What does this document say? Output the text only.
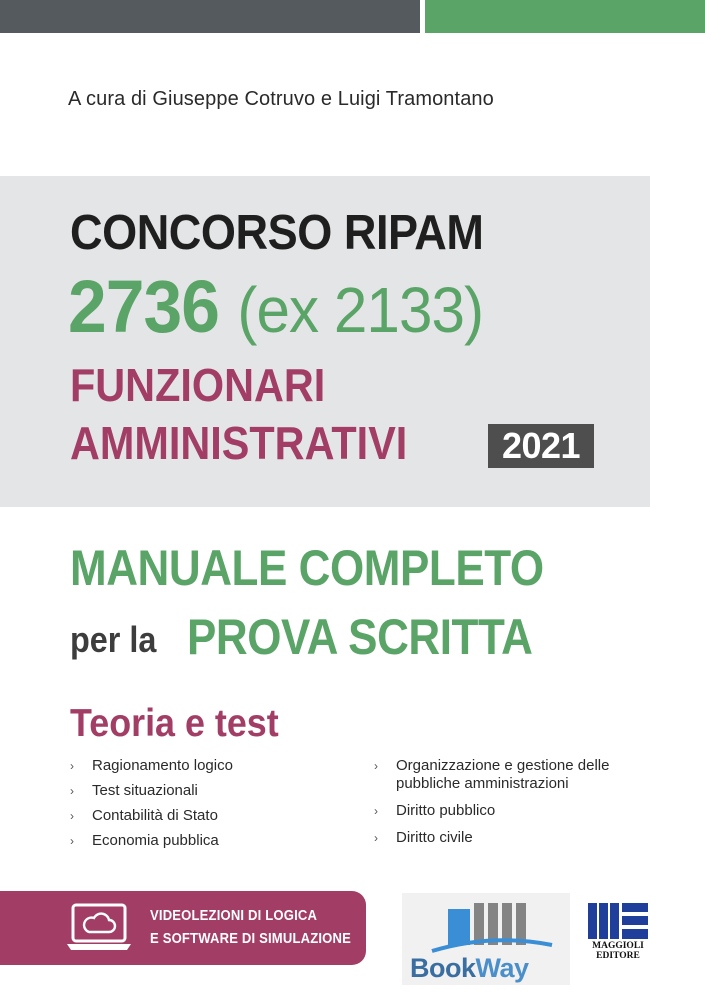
A cura di Giuseppe Cotruvo e Luigi Tramontano
CONCORSO RIPAM
2736 (ex 2133)
FUNZIONARI
AMMINISTRATIVI	2021
MANUALE COMPLETO
per la PROVA SCRITTA
Teoria e test
› Ragionamento logico
› Test situazionali
› Contabilità di Stato
› Economia pubblica
› Organizzazione e gestione delle
pubbliche amministrazioni
› Diritto pubblico
› Diritto civile
VIDEOLEZIONI DI LOGICA
E SOFTWARE DI SIMULAZIONE
BookWay
MAGGIOLI
EDITORE
